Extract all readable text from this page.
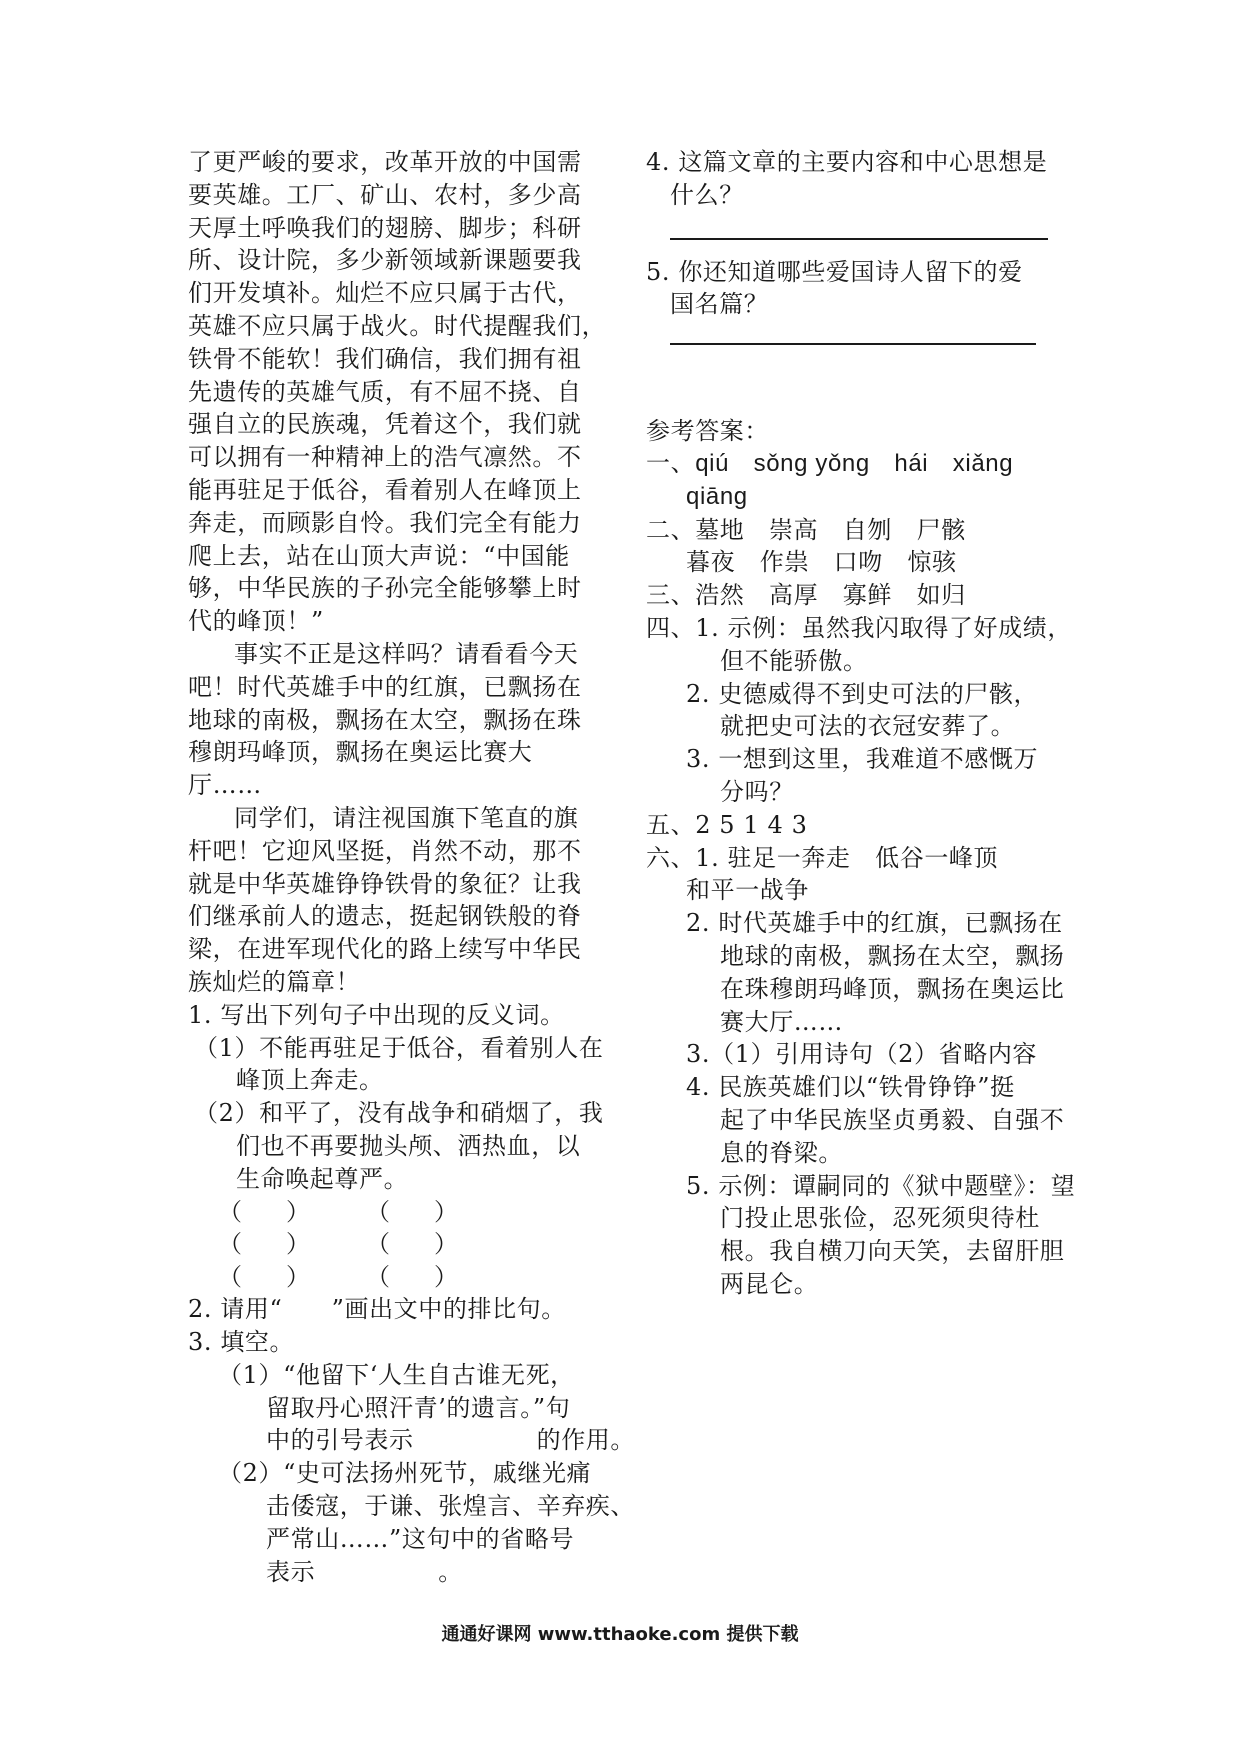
了更严峻的要求，改革开放的中国需
要英雄。工厂、矿山、农村，多少高
天厚土呼唤我们的翅膀、脚步；科研
所、设计院，多少新领域新课题要我
们开发填补。灿烂不应只属于古代，
英雄不应只属于战火。时代提醒我们，
铁骨不能软！我们确信，我们拥有祖
先遗传的英雄气质，有不屈不挠、自
强自立的民族魂，凭着这个，我们就
可以拥有一种精神上的浩气凛然。不
能再驻足于低谷，看着别人在峰顶上
奔走，而顾影自怜。我们完全有能力
爬上去，站在山顶大声说：“中国能
够，中华民族的子孙完全能够攀上时
代的峰顶！”
事实不正是这样吗？请看看今天
吧！时代英雄手中的红旗，已飘扬在
地球的南极，飘扬在太空，飘扬在珠
穆朗玛峰顶，飘扬在奥运比赛大
厅……
同学们，请注视国旗下笔直的旗
杆吧！它迎风坚挺，肖然不动，那不
就是中华英雄铮铮铁骨的象征？让我
们继承前人的遗志，挺起钢铁般的脊
梁，在进军现代化的路上续写中华民
族灿烂的篇章！
1. 写出下列句子中出现的反义词。
（1）不能再驻足于低谷，看着别人在
峰顶上奔走。
（2）和平了，没有战争和硝烟了，我
们也不再要抛头颅、洒热血，以
生命唤起尊严。
（ ） （ ）
（ ） （ ）
（ ） （ ）
2. 请用“　　”画出文中的排比句。
3. 填空。
（1）“他留下‘人生自古谁无死，
留取丹心照汗青’的遗言。”句
中的引号表示　　　　　的作用。
（2）“史可法扬州死节，戚继光痛
击倭寇，于谦、张煌言、辛弃疾、
严常山……”这句中的省略号
表示　　　　　。
4. 这篇文章的主要内容和中心思想是
什么？
5. 你还知道哪些爱国诗人留下的爱
国名篇？
参考答案：
一、qiú　sǒng yǒng　hái　xiǎng
qiāng
二、墓地　崇高　自刎　尸骸
暮夜　作祟　口吻　惊骇
三、浩然　高厚　寡鲜　如归
四、1. 示例：虽然我闪取得了好成绩，
但不能骄傲。
2. 史德威得不到史可法的尸骸，
就把史可法的衣冠安葬了。
3. 一想到这里，我难道不感慨万
分吗？
五、2 5 1 4 3
六、1. 驻足一奔走　低谷一峰顶
和平一战争
2. 时代英雄手中的红旗，已飘扬在
地球的南极，飘扬在太空，飘扬
在珠穆朗玛峰顶，飘扬在奥运比
赛大厅……
3.（1）引用诗句（2）省略内容
4. 民族英雄们以“铁骨铮铮”挺
起了中华民族坚贞勇毅、自强不
息的脊梁。
5. 示例：谭嗣同的《狱中题壁》：望
门投止思张俭，忍死须臾待杜
根。我自横刀向天笑，去留肝胆
两昆仑。
通通好课网 www.tthaoke.com 提供下载
